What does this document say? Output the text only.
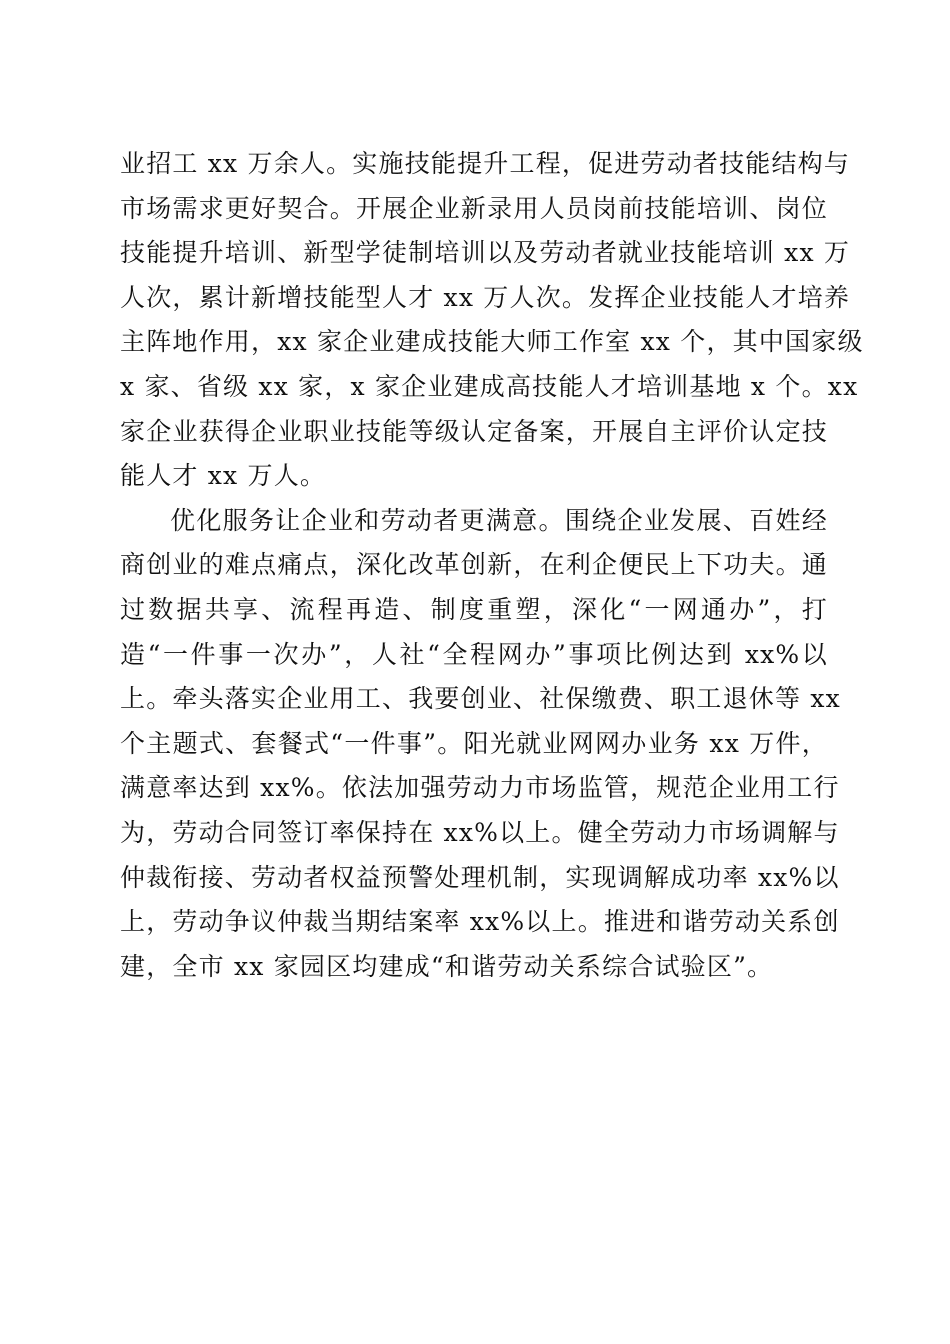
业招工 xx 万余人。实施技能提升工程，促进劳动者技能结构与
市场需求更好契合。开展企业新录用人员岗前技能培训、岗位
技能提升培训、新型学徒制培训以及劳动者就业技能培训 xx 万
人次，累计新增技能型人才 xx 万人次。发挥企业技能人才培养
主阵地作用，xx 家企业建成技能大师工作室 xx 个，其中国家级
x 家、省级 xx 家，x 家企业建成高技能人才培训基地 x 个。xx
家企业获得企业职业技能等级认定备案，开展自主评价认定技
能人才 xx 万人。
优化服务让企业和劳动者更满意。围绕企业发展、百姓经
商创业的难点痛点，深化改革创新，在利企便民上下功夫。通
过数据共享、流程再造、制度重塑，深化“一网通办”，打
造“一件事一次办”，人社“全程网办”事项比例达到 xx%以
上。牵头落实企业用工、我要创业、社保缴费、职工退休等 xx
个主题式、套餐式“一件事”。阳光就业网网办业务 xx 万件，
满意率达到 xx%。依法加强劳动力市场监管，规范企业用工行
为，劳动合同签订率保持在 xx%以上。健全劳动力市场调解与
仲裁衔接、劳动者权益预警处理机制，实现调解成功率 xx%以
上，劳动争议仲裁当期结案率 xx%以上。推进和谐劳动关系创
建，全市 xx 家园区均建成“和谐劳动关系综合试验区”。
